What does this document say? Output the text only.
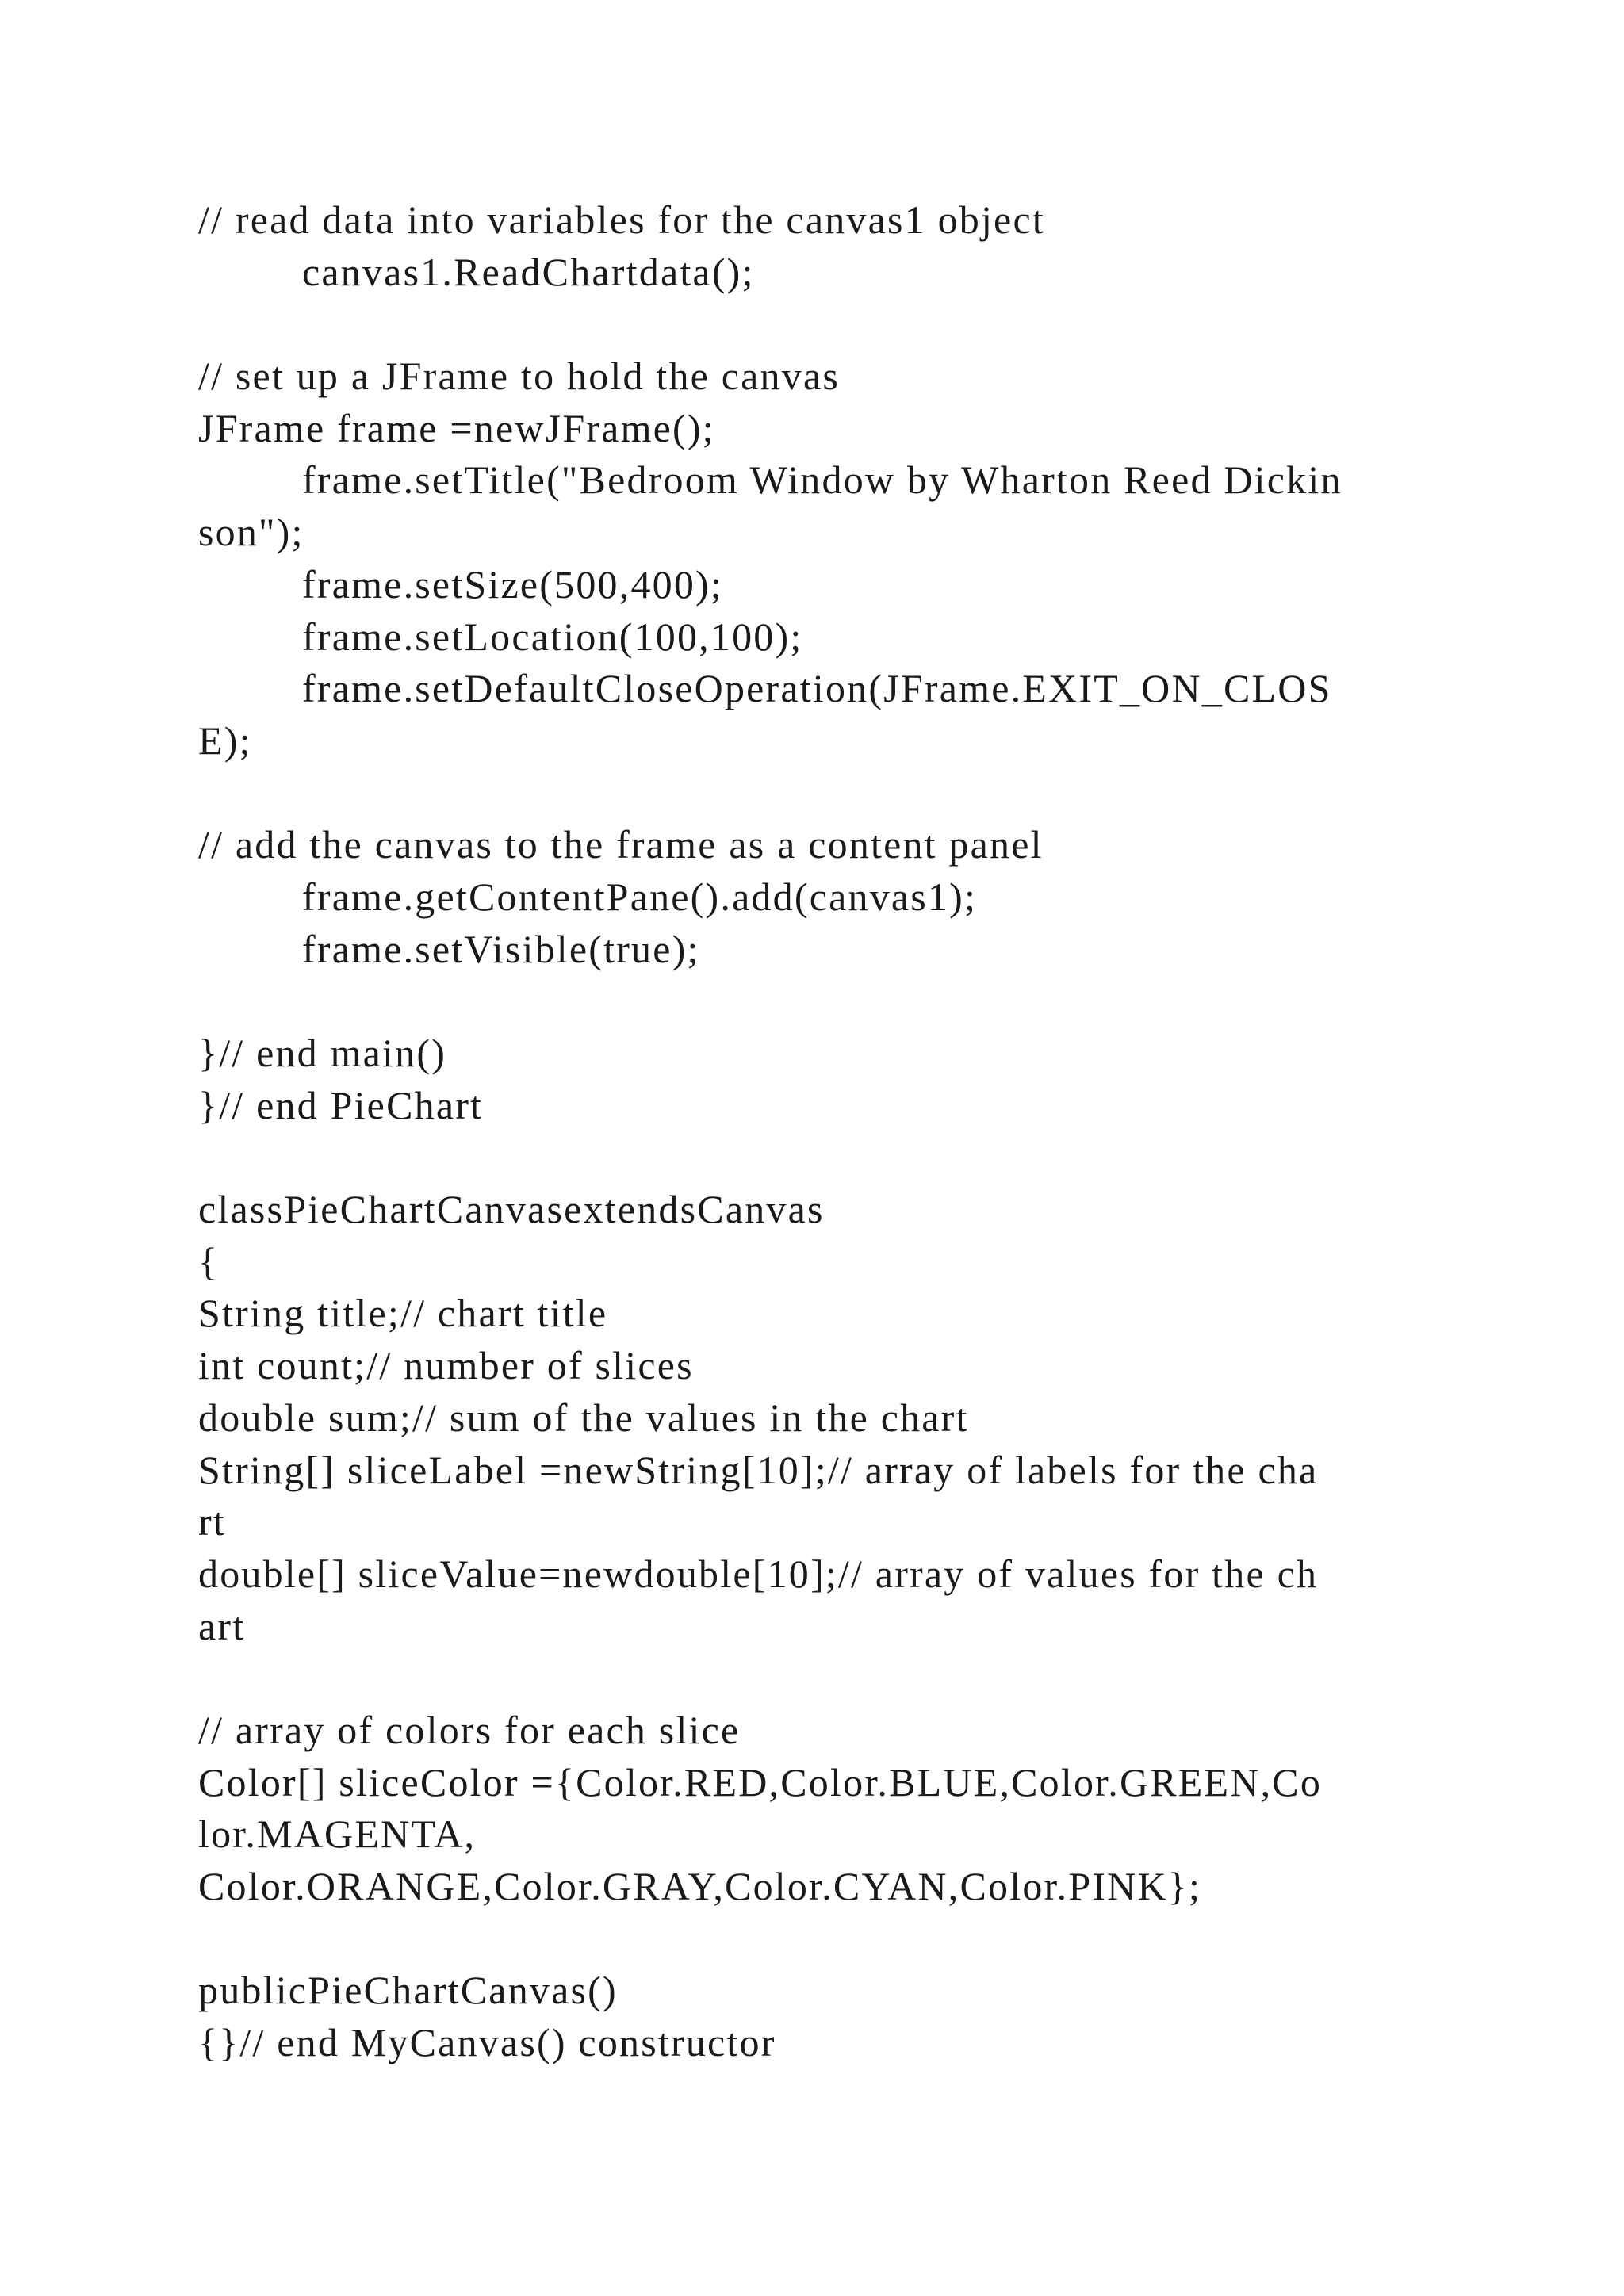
// read data into variables for the canvas1 object
canvas1.ReadChartdata();
// set up a JFrame to hold the canvas
JFrame frame =newJFrame();
frame.setTitle("Bedroom Window by Wharton Reed Dickin
son");
frame.setSize(500,400);
frame.setLocation(100,100);
frame.setDefaultCloseOperation(JFrame.EXIT_ON_CLOS
E);
// add the canvas to the frame as a content panel
frame.getContentPane().add(canvas1);
frame.setVisible(true);
}// end main()
}// end PieChart
classPieChartCanvasextendsCanvas
{
String title;// chart title
int count;// number of slices
double sum;// sum of the values in the chart
String[] sliceLabel =newString[10];// array of labels for the cha
rt
double[] sliceValue=newdouble[10];// array of values for the ch
art
// array of colors for each slice
Color[] sliceColor ={Color.RED,Color.BLUE,Color.GREEN,Co
lor.MAGENTA,
Color.ORANGE,Color.GRAY,Color.CYAN,Color.PINK};
publicPieChartCanvas()
{}// end MyCanvas() constructor
